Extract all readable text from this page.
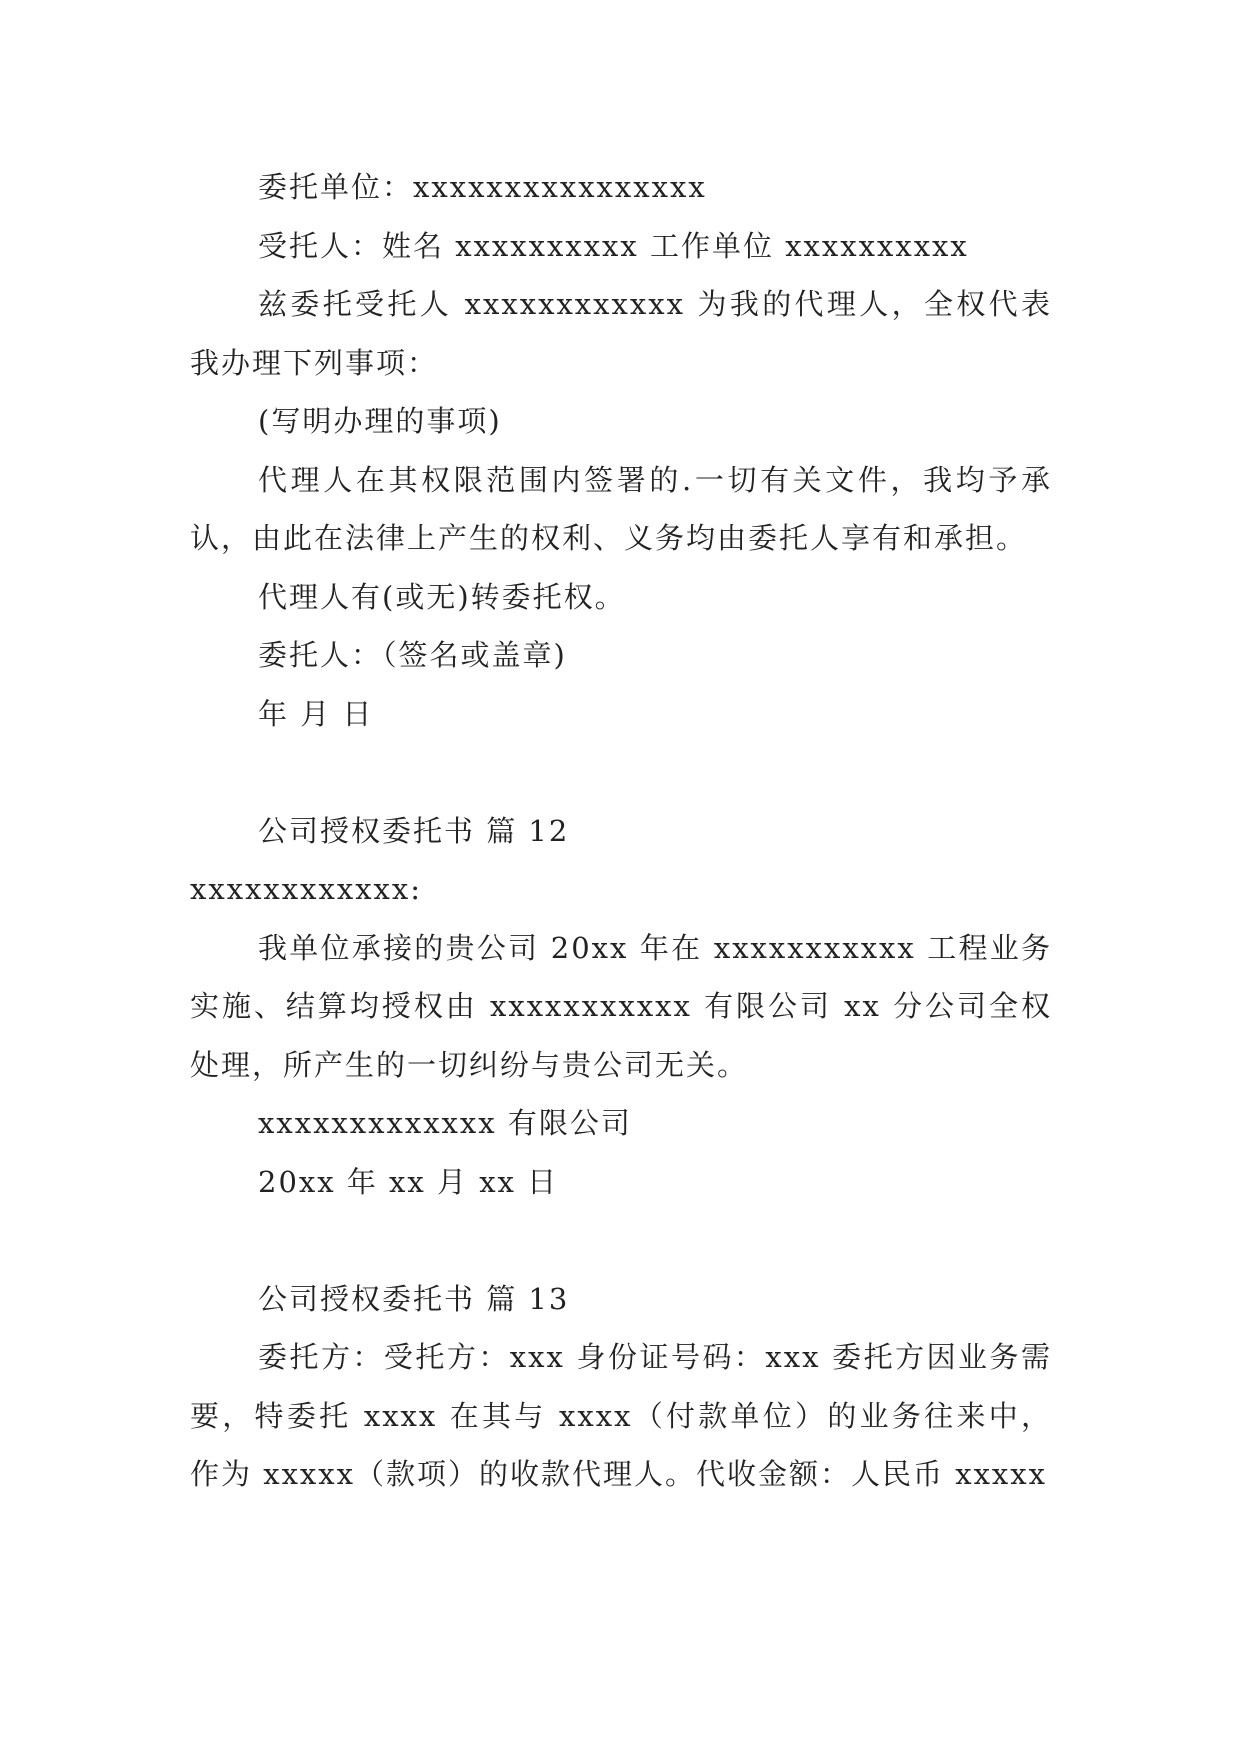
委托单位：xxxxxxxxxxxxxxxx

受托人：姓名 xxxxxxxxxx 工作单位 xxxxxxxxxx

兹委托受托人 xxxxxxxxxxxx 为我的代理人，全权代表我办理下列事项：

(写明办理的事项)

代理人在其权限范围内签署的.一切有关文件，我均予承认，由此在法律上产生的权利、义务均由委托人享有和承担。

代理人有(或无)转委托权。

委托人：（签名或盖章)

年 月 日

公司授权委托书 篇 12

xxxxxxxxxxxx:

我单位承接的贵公司 20xx 年在 xxxxxxxxxxx 工程业务实施、结算均授权由 xxxxxxxxxxx 有限公司 xx 分公司全权处理，所产生的一切纠纷与贵公司无关。

xxxxxxxxxxxxx 有限公司

20xx 年 xx 月 xx 日

公司授权委托书 篇 13

委托方：受托方：xxx 身份证号码：xxx 委托方因业务需要，特委托 xxxx 在其与 xxxx（付款单位）的业务往来中，作为 xxxxx（款项）的收款代理人。代收金额：人民币 xxxxx
